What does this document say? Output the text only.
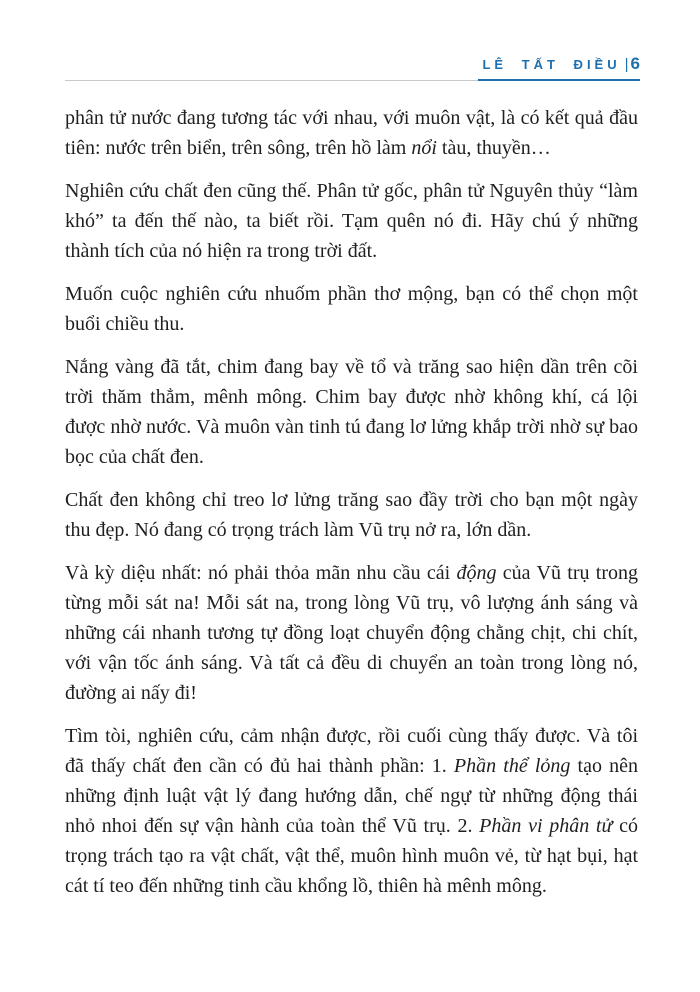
LÊ TẤT ĐIỀU | 6

phân tử nước đang tương tác với nhau, với muôn vật, là có kết quả đầu tiên: nước trên biển, trên sông, trên hồ làm nổi tàu, thuyền…

Nghiên cứu chất đen cũng thế. Phân tử gốc, phân tử Nguyên thủy “làm khó” ta đến thế nào, ta biết rồi. Tạm quên nó đi. Hãy chú ý những thành tích của nó hiện ra trong trời đất.

Muốn cuộc nghiên cứu nhuốm phần thơ mộng, bạn có thể chọn một buổi chiều thu.

Nắng vàng đã tắt, chim đang bay về tổ và trăng sao hiện dần trên cõi trời thăm thẳm, mênh mông. Chim bay được nhờ không khí, cá lội được nhờ nước. Và muôn vàn tinh tú đang lơ lửng khắp trời nhờ sự bao bọc của chất đen.

Chất đen không chỉ treo lơ lửng trăng sao đầy trời cho bạn một ngày thu đẹp. Nó đang có trọng trách làm Vũ trụ nở ra, lớn dần.

Và kỳ diệu nhất: nó phải thỏa mãn nhu cầu cái động của Vũ trụ trong từng mỗi sát na! Mỗi sát na, trong lòng Vũ trụ, vô lượng ánh sáng và những cái nhanh tương tự đồng loạt chuyển động chằng chịt, chi chít, với vận tốc ánh sáng. Và tất cả đều di chuyển an toàn trong lòng nó, đường ai nấy đi!

Tìm tòi, nghiên cứu, cảm nhận được, rồi cuối cùng thấy được. Và tôi đã thấy chất đen cần có đủ hai thành phần: 1. Phần thể lỏng tạo nên những định luật vật lý đang hướng dẫn, chế ngự từ những động thái nhỏ nhoi đến sự vận hành của toàn thể Vũ trụ. 2. Phần vi phân tử có trọng trách tạo ra vật chất, vật thể, muôn hình muôn vẻ, từ hạt bụi, hạt cát tí teo đến những tinh cầu khổng lồ, thiên hà mênh mông.
